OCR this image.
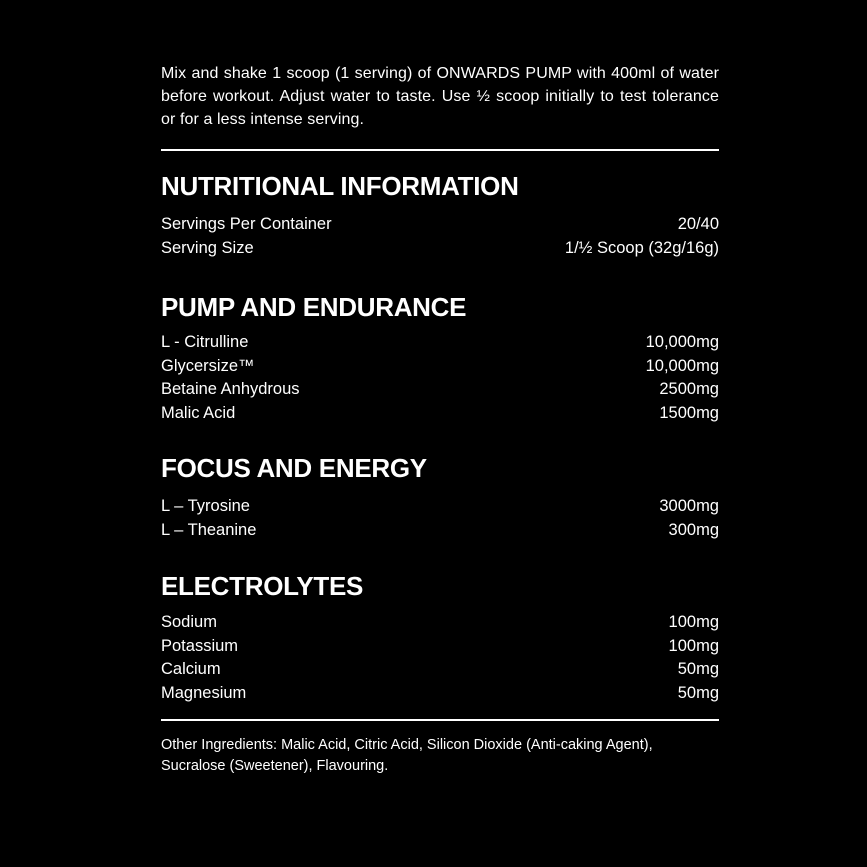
Mix and shake 1 scoop (1 serving) of ONWARDS PUMP with 400ml of water before workout. Adjust water to taste. Use ½ scoop initially to test tolerance or for a less intense serving.

NUTRITIONAL INFORMATION
Servings Per Container	20/40
Serving Size	1/½ Scoop (32g/16g)
PUMP AND ENDURANCE
L - Citrulline	10,000mg
Glycersize™	10,000mg
Betaine Anhydrous	2500mg
Malic Acid	1500mg
FOCUS AND ENERGY
L – Tyrosine	3000mg
L – Theanine	300mg
ELECTROLYTES
Sodium	100mg
Potassium	100mg
Calcium	50mg
Magnesium	50mg

Other Ingredients: Malic Acid, Citric Acid, Silicon Dioxide (Anti-caking Agent), Sucralose (Sweetener), Flavouring.
